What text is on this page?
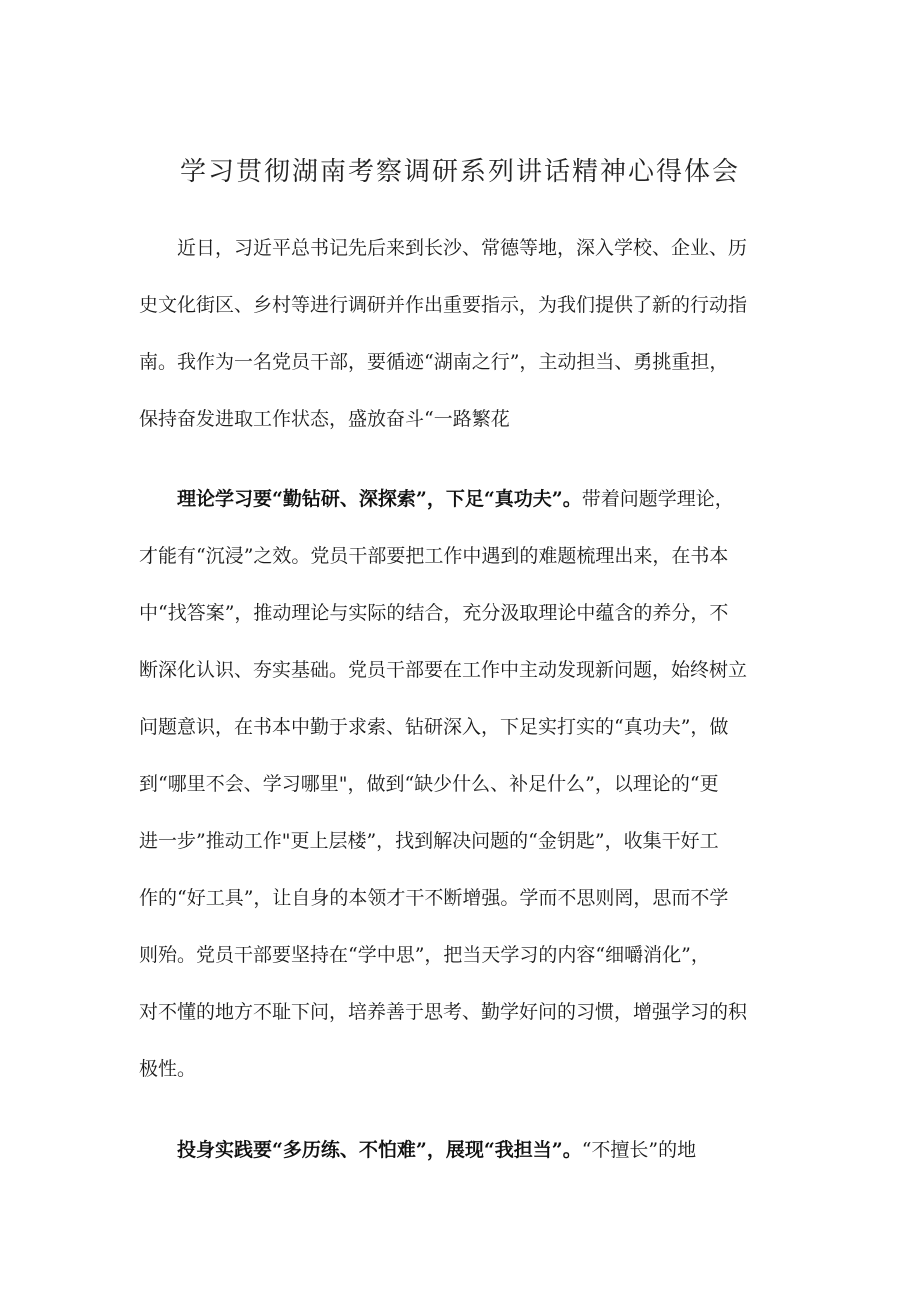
学习贯彻湖南考察调研系列讲话精神心得体会
近日，习近平总书记先后来到长沙、常德等地，深入学校、企业、历
史文化街区、乡村等进行调研并作出重要指示，为我们提供了新的行动指
南。我作为一名党员干部，要循迹“湖南之行”，主动担当、勇挑重担，
保持奋发进取工作状态，盛放奋斗“一路繁花
理论学习要“勤钻研、深探索”，下足“真功夫”。带着问题学理论，
才能有“沉浸”之效。党员干部要把工作中遇到的难题梳理出来，在书本
中“找答案”，推动理论与实际的结合，充分汲取理论中蕴含的养分，不
断深化认识、夯实基础。党员干部要在工作中主动发现新问题，始终树立
问题意识，在书本中勤于求索、钻研深入，下足实打实的“真功夫”，做
到“哪里不会、学习哪里"，做到“缺少什么、补足什么”，以理论的“更
进一步”推动工作"更上层楼”，找到解决问题的“金钥匙”，收集干好工
作的“好工具”，让自身的本领才干不断增强。学而不思则罔，思而不学
则殆。党员干部要坚持在“学中思”，把当天学习的内容“细嚼消化”，
对不懂的地方不耻下问，培养善于思考、勤学好问的习惯，增强学习的积
极性。
投身实践要“多历练、不怕难”，展现“我担当”。“不擅长”的地
